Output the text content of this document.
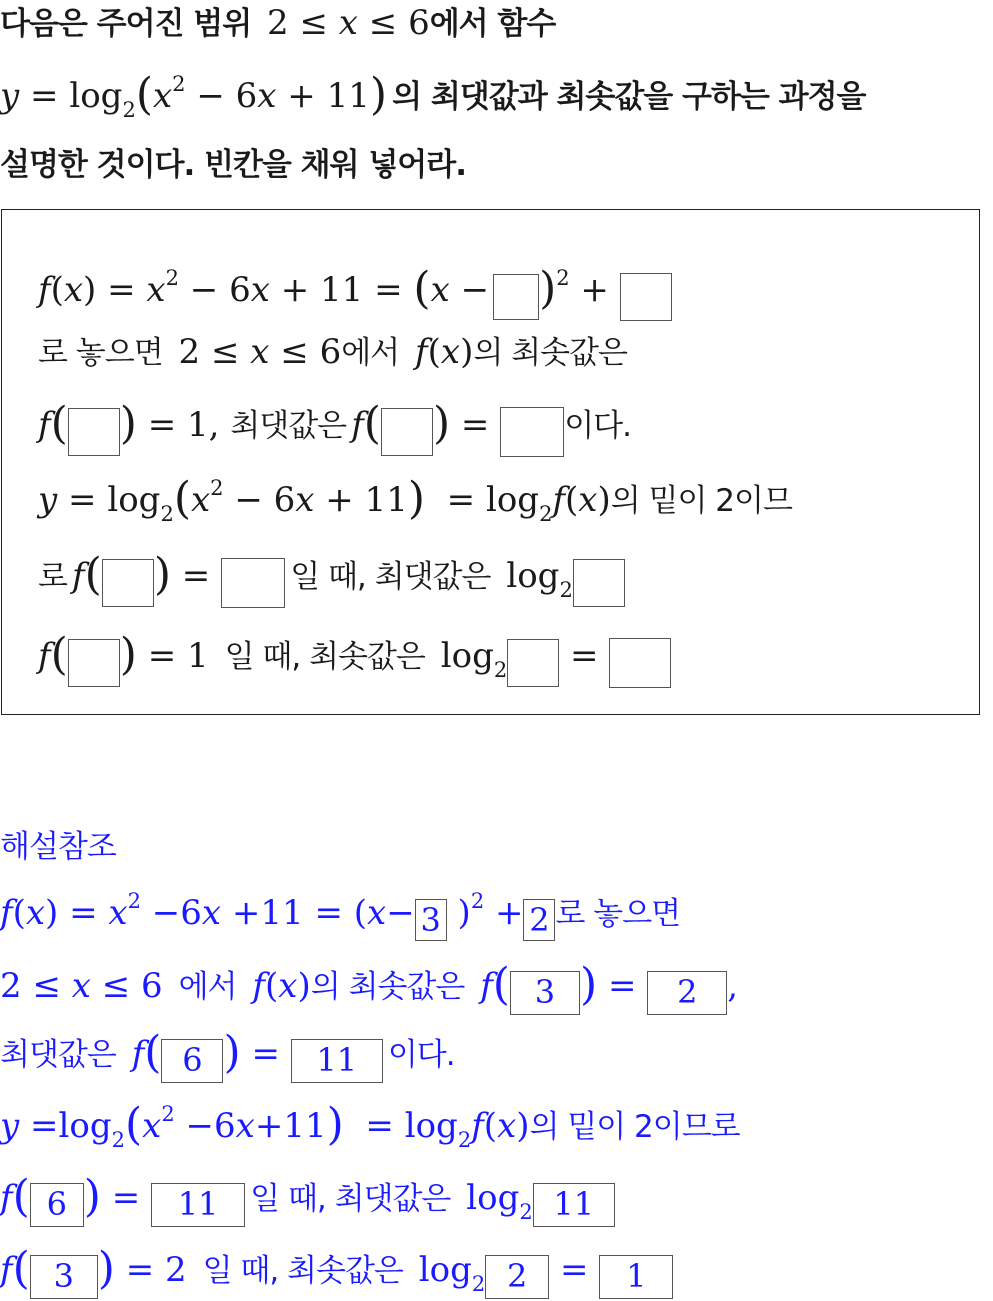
다음은 주어진 범위  2 ≤ x ≤ 6에서 함수
$y = \log_2(x^2 - 6x + 11)$ 의 최댓값과 최솟값을 구하는 과정을
설명한 것이다. 빈칸을 채워 넣어라.
$f(x) = x^2 - 6x + 11 = (x - )^2$ +
로 놓으면  2 ≤ x ≤ 6에서 f(x)의 최솟값은
f( ) = 1, 최댓값은 f( ) = 이다.
$y = \log_2(x^2 - 6x + 11) = \log_2f(x)$의 밑이 2이므
로 f( ) =  일 때, 최댓값은  $\log_2$
f( ) = 1  일 때, 최솟값은  $\log_2$ =
해설참조
$f(x) = x^2 -6x +11 = (x- 3$ )$^2$ + 2 로 놓으면
2 ≤ x ≤ 6  에서 f(x)의 최솟값은 f( 3 ) = 2 ,
최댓값은 f( 6 ) = 11 이다.
$y =\log_2(x^2 -6x+11) = \log_2f(x)$의 밑이 2이므로
f( 6 ) = 11 일 때, 최댓값은  $\log_2 11$
f( 3 ) = 2 일 때, 최솟값은  $\log_2 2 = 1$
